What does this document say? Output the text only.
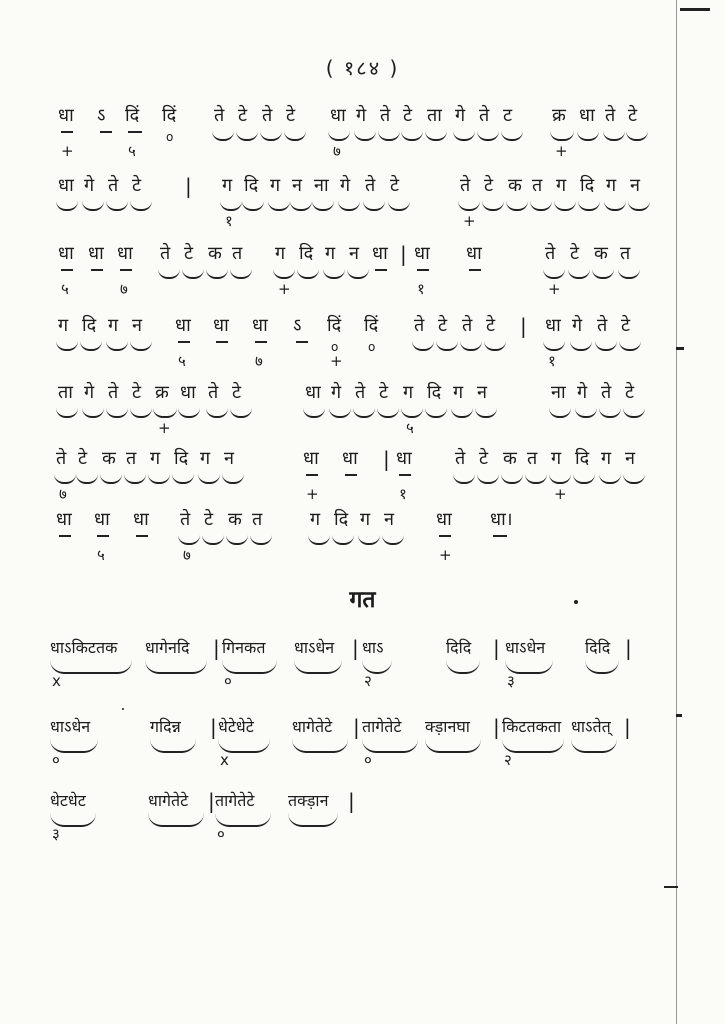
( १८४ )
धा
+
ऽ दिं
५
दिं
o
ते टे ते टे धा
७
गे ते टे ता गे ते ट क्र
+
धा ते टे
धा गे ते टे	ग
१
दि ग न ना गे ते टे	ते
+
टे क त ग दि ग न
|
धा
५
धा धा
७
ते टे क त ग
+
दि ग न धा धा
१
धा	ते
+
टे क त
|
ग दि ग न धा
५
धा धा
७
ऽ दिं
o
+
दिं
o
ते टे ते टे	धा
१
गे ते टे
|
ता गे ते टे क्र
+
धा ते टे	धा गे ते टे ग
५
दि ग न	ना गे ते टे
ते
७
टे क त ग दि ग न	धा
+
धा धा
१
ते टे क त ग
+
दि ग न
|
धा धा
५
धा ते
७
टे क त	ग दि ग न धा
+
धा।
गत
धाऽकिटतक
x
धागेनदि गिनकत
०
धाऽधेन धाऽ
२
दिदि धाऽधेन
३
दिदि
|	|	|	|
धाऽधेन
०
गदिन्न धेटेधेटे
x
धागेतेटे तागेतेटे
०
क्ड़ानघा किटतकता
२
धाऽतेत्
|	|	|	|
धेटधेट
३
धागेतेटे तागेतेटे
०
तक्ड़ान
|	|
